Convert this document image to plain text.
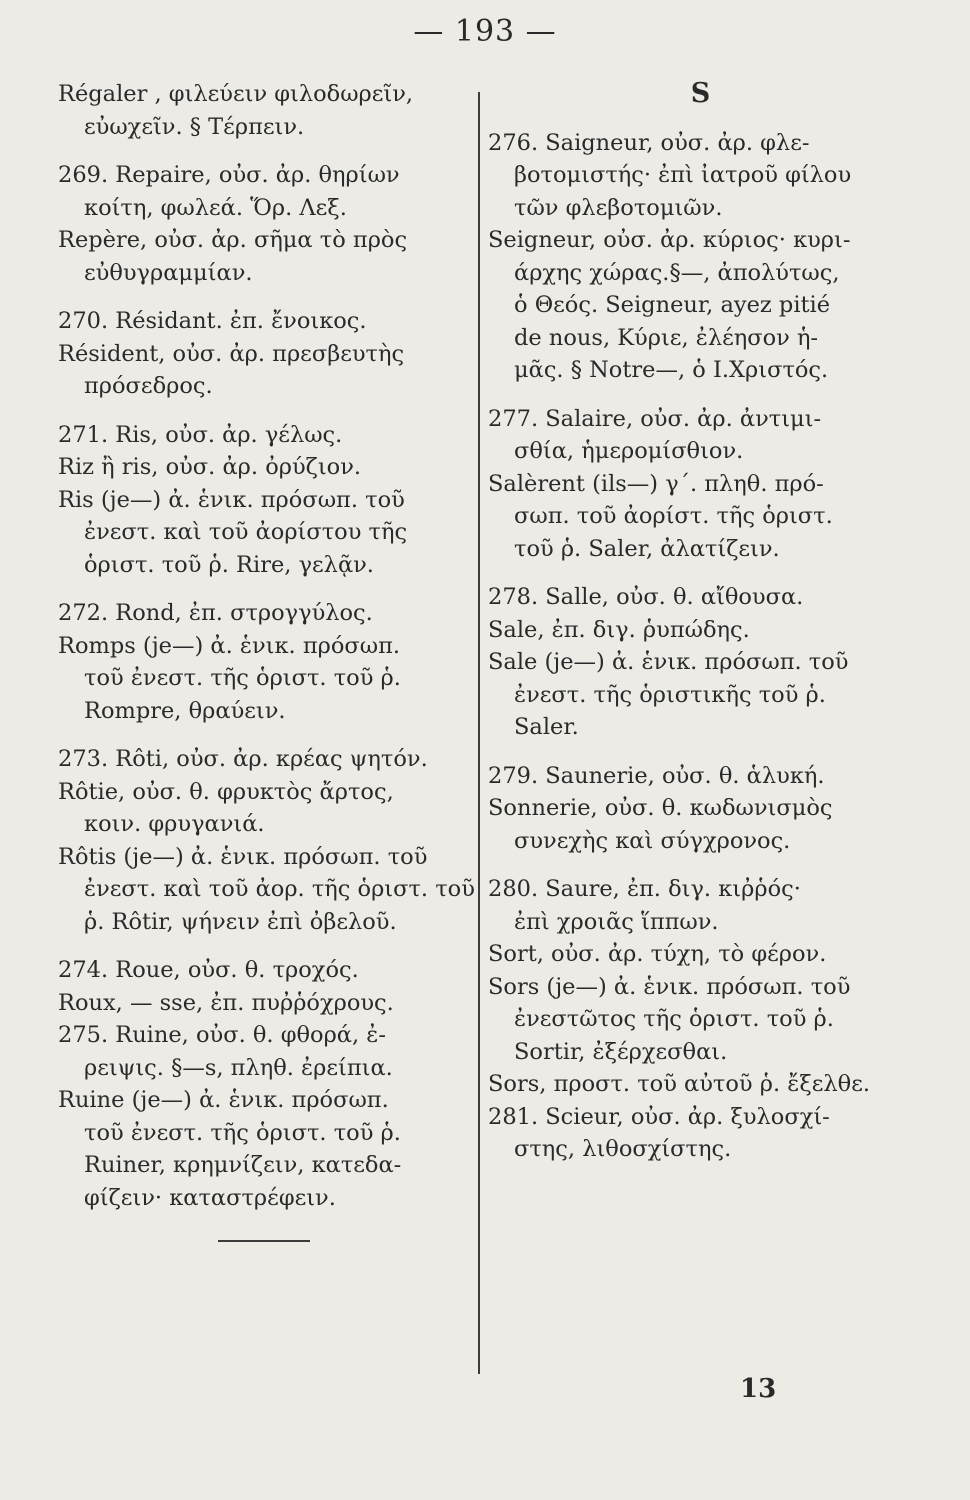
— 193 —
Régaler , φιλεύειν φιλοδωρεῖν,
εὐωχεῖν. § Τέρπειν.
269. Repaire, οὐσ. ἀρ. θηρίων
κοίτη, φωλεά. Ὅρ. Λεξ.
Repère, οὐσ. ἀρ. σῆμα τὸ πρὸς
εὐθυγραμμίαν.
270. Résidant. ἐπ. ἔνοικος.
Résident, οὐσ. ἀρ. πρεσβευτὴς
πρόσεδρος.
271. Ris, οὐσ. ἀρ. γέλως.
Riz ἢ ris, οὐσ. ἀρ. ὀρύζιον.
Ris (je—) ἀ. ἑνικ. πρόσωπ. τοῦ
ἐνεστ. καὶ τοῦ ἀορίστου τῆς
ὁριστ. τοῦ ῥ. Rire, γελᾷν.
272. Rond, ἐπ. στρογγύλος.
Romps (je—) ἀ. ἑνικ. πρόσωπ.
τοῦ ἐνεστ. τῆς ὁριστ. τοῦ ῥ.
Rompre, θραύειν.
273. Rôti, οὐσ. ἀρ. κρέας ψητόν.
Rôtie, οὐσ. θ. φρυκτὸς ἄρτος,
κοιν. φρυγανιά.
Rôtis (je—) ἀ. ἑνικ. πρόσωπ. τοῦ
ἐνεστ. καὶ τοῦ ἀορ. τῆς ὁριστ. τοῦ
ῥ. Rôtir, ψήνειν ἐπὶ ὀβελοῦ.
274. Roue, οὐσ. θ. τροχός.
Roux, — sse, ἐπ. πυῤῥόχρους.
275. Ruine, οὐσ. θ. φθορά, ἐ-
ρειψις. §—s, πληθ. ἐρείπια.
Ruine (je—) ἀ. ἑνικ. πρόσωπ.
τοῦ ἐνεστ. τῆς ὁριστ. τοῦ ῥ.
Ruiner, κρημνίζειν, κατεδα-
φίζειν· καταστρέφειν.
S
276. Saigneur, οὐσ. ἀρ. φλε-
βοτομιστής· ἐπὶ ἰατροῦ φίλου
τῶν φλεβοτομιῶν.
Seigneur, οὐσ. ἀρ. κύριος· κυρι-
άρχης χώρας.§—, ἀπολύτως,
ὁ Θεός. Seigneur, ayez pitié
de nous, Κύριε, ἐλέησον ἡ-
μᾶς. § Notre—, ὁ Ι.Χριστός.
277. Salaire, οὐσ. ἀρ. ἀντιμι-
σθία, ἡμερομίσθιον.
Salèrent (ils—) γ΄. πληθ. πρό-
σωπ. τοῦ ἀορίστ. τῆς ὁριστ.
τοῦ ῥ. Saler, ἀλατίζειν.
278. Salle, οὐσ. θ. αἴθουσα.
Sale, ἐπ. διγ. ῥυπώδης.
Sale (je—) ἀ. ἑνικ. πρόσωπ. τοῦ
ἐνεστ. τῆς ὁριστικῆς τοῦ ῥ.
Saler.
279. Saunerie, οὐσ. θ. ἁλυκή.
Sonnerie, οὐσ. θ. κωδωνισμὸς
συνεχὴς καὶ σύγχρονος.
280. Saure, ἐπ. διγ. κιῤῥός·
ἐπὶ χροιᾶς ἵππων.
Sort, οὐσ. ἀρ. τύχη, τὸ φέρον.
Sors (je—) ἀ. ἑνικ. πρόσωπ. τοῦ
ἐνεστῶτος τῆς ὁριστ. τοῦ ῥ.
Sortir, ἐξέρχεσθαι.
Sors, προστ. τοῦ αὐτοῦ ῥ. ἔξελθε.
281. Scieur, οὐσ. ἀρ. ξυλοσχί-
στης, λιθοσχίστης.
13
